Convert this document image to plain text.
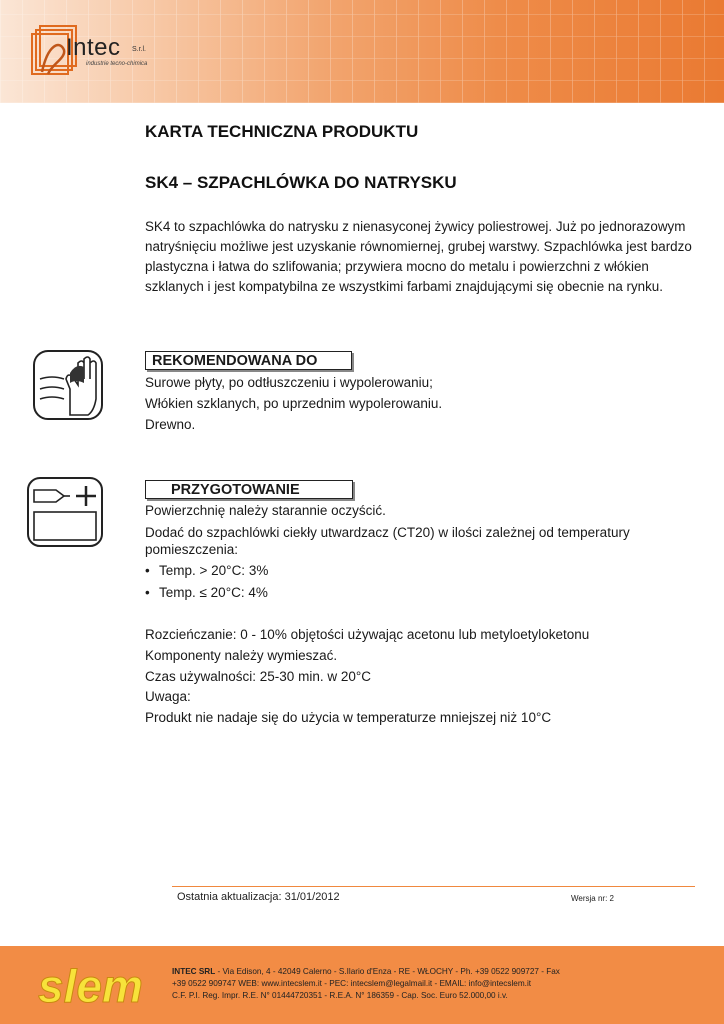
Intec S.r.l.
industrie tecno-chimica
KARTA TECHNICZNA PRODUKTU
SK4 – SZPACHLÓWKA DO NATRYSKU

SK4 to szpachlówka do natrysku z nienasyconej żywicy poliestrowej. Już po jednorazowym natryśnięciu możliwe jest uzyskanie równomiernej, grubej warstwy. Szpachlówka jest bardzo plastyczna i łatwa do szlifowania; przywiera mocno do metalu i powierzchni z włókien szklanych i jest kompatybilna ze wszystkimi farbami znajdującymi się obecnie na rynku.

REKOMENDOWANA DO
Surowe płyty, po odtłuszczeniu i wypolerowaniu;
Włókien szklanych, po uprzednim wypolerowaniu.
Drewno.
PRZYGOTOWANIE
Powierzchnię należy starannie oczyścić.
Dodać do szpachlówki ciekły utwardzacz (CT20) w ilości zależnej od temperatury
pomieszczenia:
• Temp. > 20°C: 3%
• Temp. ≤ 20°C: 4%
Rozcieńczanie: 0 - 10% objętości używając acetonu lub metyloetyloketonu
Komponenty należy wymieszać.
Czas używalności: 25-30 min. w 20°C
Uwaga:
Produkt nie nadaje się do użycia w temperaturze mniejszej niż 10°C
Ostatnia aktualizacja: 31/01/2012	Wersja nr: 2
slem	INTEC SRL - Via Edison, 4 - 42049 Calerno - S.Ilario d'Enza - RE - WŁOCHY - Ph. +39 0522 909727 - Fax
+39 0522 909747 WEB: www.intecslem.it - PEC: intecslem@legalmail.it - EMAIL: info@intecslem.it
C.F. P.I. Reg. Impr. R.E. N° 01444720351 - R.E.A. N° 186359 - Cap. Soc. Euro 52.000,00 i.v.
